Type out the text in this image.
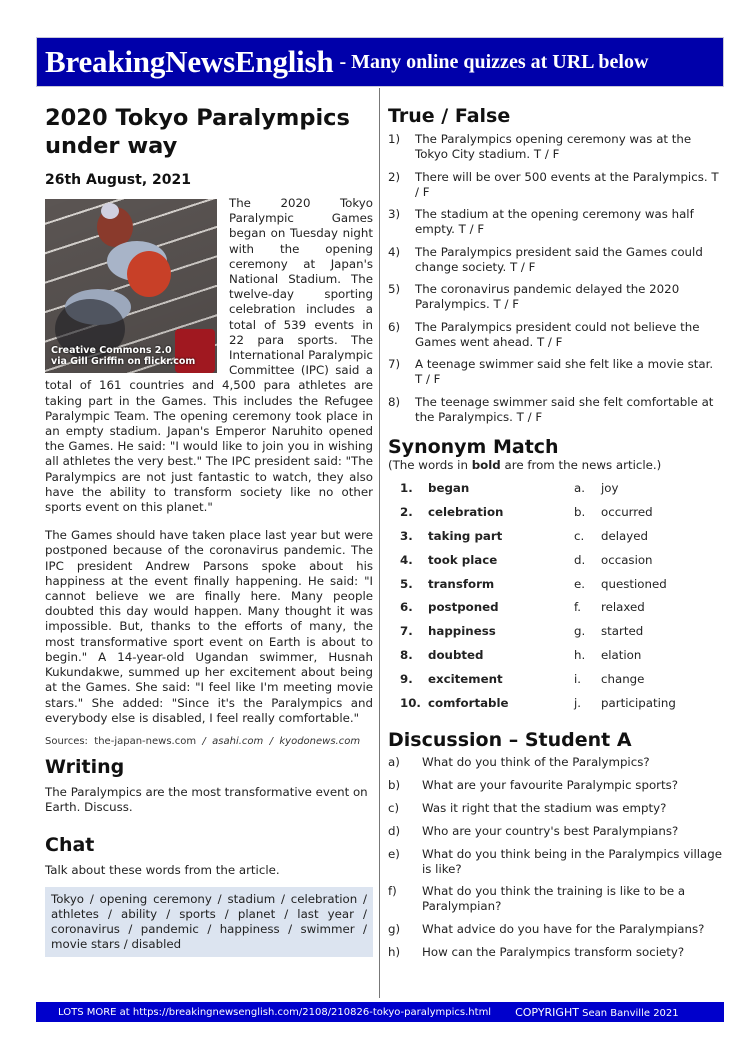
BreakingNewsEnglish - Many online quizzes at URL below
2020 Tokyo Paralympics under way
26th August, 2021
Creative Commons 2.0
via Gill Griffin on flickr.com

The 2020 Tokyo Paralympic Games began on Tuesday night with the opening ceremony at Japan's National Stadium. The twelve-day sporting celebration includes a total of 539 events in 22 para sports. The International Paralympic Committee (IPC) said a total of 161 countries and 4,500 para athletes are taking part in the Games. This includes the Refugee Paralympic Team. The opening ceremony took place in an empty stadium. Japan's Emperor Naruhito opened the Games. He said: "I would like to join you in wishing all athletes the very best." The IPC president said: "The Paralympics are not just fantastic to watch, they also have the ability to transform society like no other sports event on this planet."

The Games should have taken place last year but were postponed because of the coronavirus pandemic. The IPC president Andrew Parsons spoke about his happiness at the event finally happening. He said: "I cannot believe we are finally here. Many people doubted this day would happen. Many thought it was impossible. But, thanks to the efforts of many, the most transformative sport event on Earth is about to begin." A 14-year-old Ugandan swimmer, Husnah Kukundakwe, summed up her excitement about being at the Games. She said: "I feel like I'm meeting movie stars." She added: "Since it's the Paralympics and everybody else is disabled, I feel really comfortable."

Sources: the-japan-news.com / asahi.com / kyodonews.com
Writing
The Paralympics are the most transformative event on Earth. Discuss.
Chat
Talk about these words from the article.
Tokyo / opening ceremony / stadium / celebration / athletes / ability / sports / planet / last year / coronavirus / pandemic / happiness / swimmer / movie stars / disabled
True / False
1)	The Paralympics opening ceremony was at the Tokyo City stadium. T / F
2)	There will be over 500 events at the Paralympics. T / F
3)	The stadium at the opening ceremony was half empty. T / F
4)	The Paralympics president said the Games could change society. T / F
5)	The coronavirus pandemic delayed the 2020 Paralympics. T / F
6)	The Paralympics president could not believe the Games went ahead. T / F
7)	A teenage swimmer said she felt like a movie star. T / F
8)	The teenage swimmer said she felt comfortable at the Paralympics. T / F
Synonym Match
(The words in bold are from the news article.)
1.	began	a.	joy
2.	celebration	b.	occurred
3.	taking part	c.	delayed
4.	took place	d.	occasion
5.	transform	e.	questioned
6.	postponed	f.	relaxed
7.	happiness	g.	started
8.	doubted	h.	elation
9.	excitement	i.	change
10. comfortable	j.	participating
Discussion – Student A
a)	What do you think of the Paralympics?
b)	What are your favourite Paralympic sports?
c)	Was it right that the stadium was empty?
d)	Who are your country's best Paralympians?
e)	What do you think being in the Paralympics village is like?
f)	What do you think the training is like to be a Paralympian?
g)	What advice do you have for the Paralympians?
h)	How can the Paralympics transform society?
LOTS MORE at https://breakingnewsenglish.com/2108/210826-tokyo-paralympics.html COPYRIGHT Sean Banville 2021
